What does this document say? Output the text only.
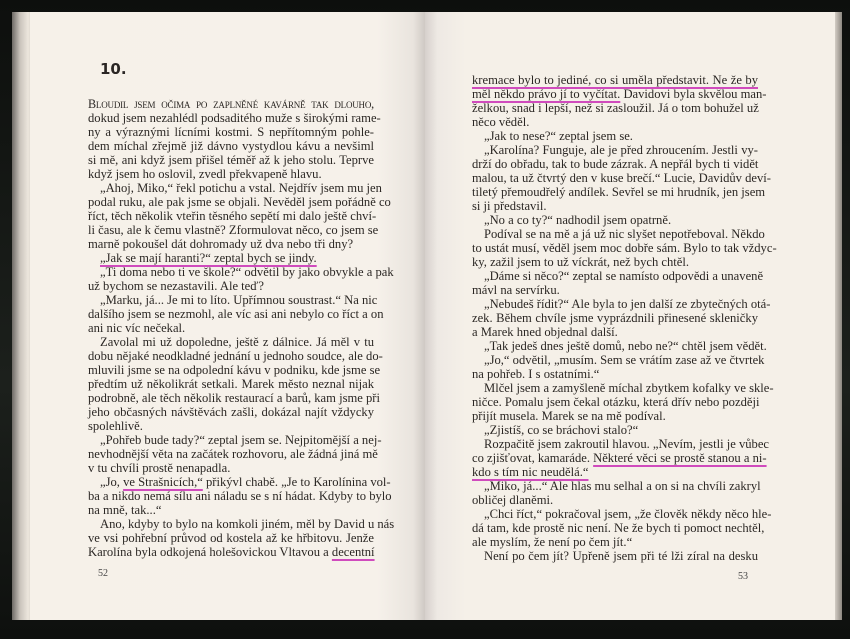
10.
Bloudil jsem očima po zaplněné kavárně tak dlouho,
dokud jsem nezahlédl podsaditého muže s širokými rame-
ny a výraznými lícními kostmi. S nepřítomným pohle-
dem míchal zřejmě již dávno vystydlou kávu a nevšiml
si mě, ani když jsem přišel téměř až k jeho stolu. Teprve
když jsem ho oslovil, zvedl překvapeně hlavu.
„Ahoj, Miko,“ řekl potichu a vstal. Nejdřív jsem mu jen
podal ruku, ale pak jsme se objali. Nevěděl jsem pořádně co
říct, těch několik vteřin těsného sepětí mi dalo ještě chví-
li času, ale k čemu vlastně? Zformulovat něco, co jsem se
marně pokoušel dát dohromady už dva nebo tři dny?
„Jak se mají haranti?“ zeptal bych se jindy.
„Ti doma nebo ti ve škole?“ odvětil by jako obvykle a pak
už bychom se nezastavili. Ale teď?
„Marku, já... Je mi to líto. Upřímnou soustrast.“ Na nic
dalšího jsem se nezmohl, ale víc asi ani nebylo co říct a on
ani nic víc nečekal.
Zavolal mi už dopoledne, ještě z dálnice. Já měl v tu
dobu nějaké neodkladné jednání u jednoho soudce, ale do-
mluvili jsme se na odpolední kávu v podniku, kde jsme se
předtím už několikrát setkali. Marek město neznal nijak
podrobně, ale těch několik restaurací a barů, kam jsme při
jeho občasných návštěvách zašli, dokázal najít vždycky
spolehlivě.
„Pohřeb bude tady?“ zeptal jsem se. Nejpitomější a nej-
nevhodnější věta na začátek rozhovoru, ale žádná jiná mě
v tu chvíli prostě nenapadla.
„Jo, ve Strašnicích,“ přikývl chabě. „Je to Karolínina vol-
ba a nikdo nemá sílu ani náladu se s ní hádat. Kdyby to bylo
na mně, tak...“
Ano, kdyby to bylo na komkoli jiném, měl by David u nás
ve vsi pohřební průvod od kostela až ke hřbitovu. Jenže
Karolína byla odkojená holešovickou Vltavou a decentní
52
kremace bylo to jediné, co si uměla představit. Ne že by
měl někdo právo jí to vyčítat. Davidovi byla skvělou man-
želkou, snad i lepší, než si zasloužil. Já o tom bohužel už
něco věděl.
„Jak to nese?“ zeptal jsem se.
„Karolína? Funguje, ale je před zhroucením. Jestli vy-
drží do obřadu, tak to bude zázrak. A nepřál bych ti vidět
malou, ta už čtvrtý den v kuse brečí.“ Lucie, Davidův deví-
tiletý přemoudřelý andílek. Sevřel se mi hrudník, jen jsem
si ji představil.
„No a co ty?“ nadhodil jsem opatrně.
Podíval se na mě a já už nic slyšet nepotřeboval. Někdo
to ustát musí, věděl jsem moc dobře sám. Bylo to tak vždyc-
ky, zažil jsem to už víckrát, než bych chtěl.
„Dáme si něco?“ zeptal se namísto odpovědi a unaveně
mávl na servírku.
„Nebudeš řídit?“ Ale byla to jen další ze zbytečných otá-
zek. Během chvíle jsme vyprázdnili přinesené skleničky
a Marek hned objednal další.
„Tak jedeš dnes ještě domů, nebo ne?“ chtěl jsem vědět.
„Jo,“ odvětil, „musím. Sem se vrátím zase až ve čtvrtek
na pohřeb. I s ostatními.“
Mlčel jsem a zamyšleně míchal zbytkem kofalky ve skle-
ničce. Pomalu jsem čekal otázku, která dřív nebo později
přijít musela. Marek se na mě podíval.
„Zjistíš, co se bráchovi stalo?“
Rozpačitě jsem zakroutil hlavou. „Nevím, jestli je vůbec
co zjišťovat, kamaráde. Některé věci se prostě stanou a ni-
kdo s tím nic neudělá.“
„Miko, já...“ Ale hlas mu selhal a on si na chvíli zakryl
obličej dlaněmi.
„Chci říct,“ pokračoval jsem, „že člověk někdy něco hle-
dá tam, kde prostě nic není. Ne že bych ti pomoct nechtěl,
ale myslím, že není po čem jít.“
Není po čem jít? Upřeně jsem při té lži zíral na desku
53
